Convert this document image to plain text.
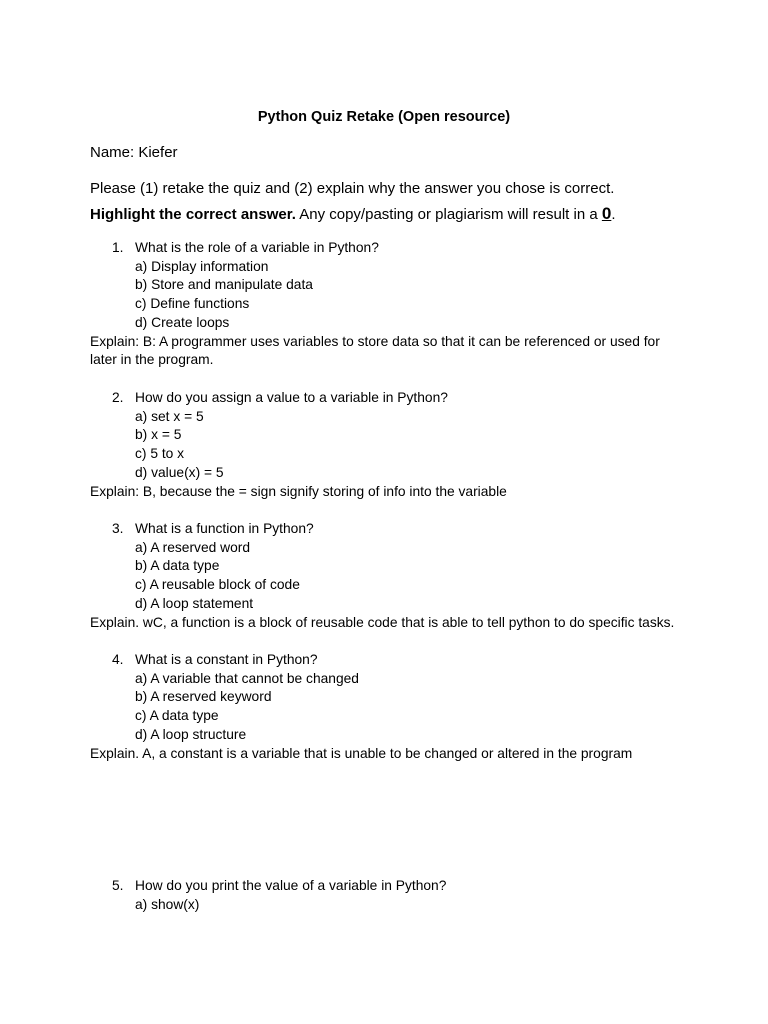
Python Quiz Retake (Open resource)
Name: Kiefer
Please (1) retake the quiz and (2) explain why the answer you chose is correct.
Highlight the correct answer. Any copy/pasting or plagiarism will result in a 0.
1. What is the role of a variable in Python?
a) Display information
b) Store and manipulate data
c) Define functions
d) Create loops
Explain: B: A programmer uses variables to store data so that it can be referenced or used for later in the program.
2. How do you assign a value to a variable in Python?
a) set x = 5
b) x = 5
c) 5 to x
d) value(x) = 5
Explain: B, because the = sign signify storing of info into the variable
3. What is a function in Python?
a) A reserved word
b) A data type
c) A reusable block of code
d) A loop statement
Explain. wC, a function is a block of reusable code that is able to tell python to do specific tasks.
4. What is a constant in Python?
a) A variable that cannot be changed
b) A reserved keyword
c) A data type
d) A loop structure
Explain. A, a constant is a variable that is unable to be changed or altered in the program
5. How do you print the value of a variable in Python?
a) show(x)
